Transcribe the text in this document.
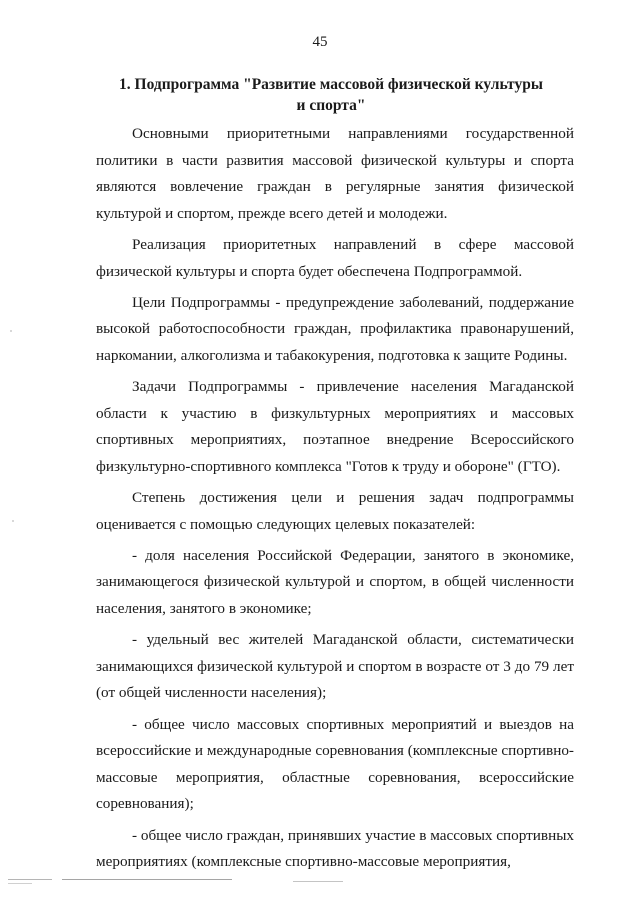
45
1. Подпрограмма "Развитие массовой физической культуры
и спорта"

Основными приоритетными направлениями государственной политики в части развития массовой физической культуры и спорта являются вовлечение граждан в регулярные занятия физической культурой и спортом, прежде всего детей и молодежи.

Реализация приоритетных направлений в сфере массовой физической культуры и спорта будет обеспечена Подпрограммой.

Цели Подпрограммы - предупреждение заболеваний, поддержание высокой работоспособности граждан, профилактика правонарушений, наркомании, алкоголизма и табакокурения, подготовка к защите Родины.

Задачи Подпрограммы - привлечение населения Магаданской области к участию в физкультурных мероприятиях и массовых спортивных мероприятиях, поэтапное внедрение Всероссийского физкультурно-спортивного комплекса "Готов к труду и обороне" (ГТО).

Степень достижения цели и решения задач подпрограммы оценивается с помощью следующих целевых показателей:

- доля населения Российской Федерации, занятого в экономике, занимающегося физической культурой и спортом, в общей численности населения, занятого в экономике;

- удельный вес жителей Магаданской области, систематически занимающихся физической культурой и спортом в возрасте от 3 до 79 лет (от общей численности населения);

- общее число массовых спортивных мероприятий и выездов на всероссийские и международные соревнования (комплексные спортивно-массовые мероприятия, областные соревнования, всероссийские соревнования);

- общее число граждан, принявших участие в массовых спортивных мероприятиях (комплексные спортивно-массовые мероприятия,
